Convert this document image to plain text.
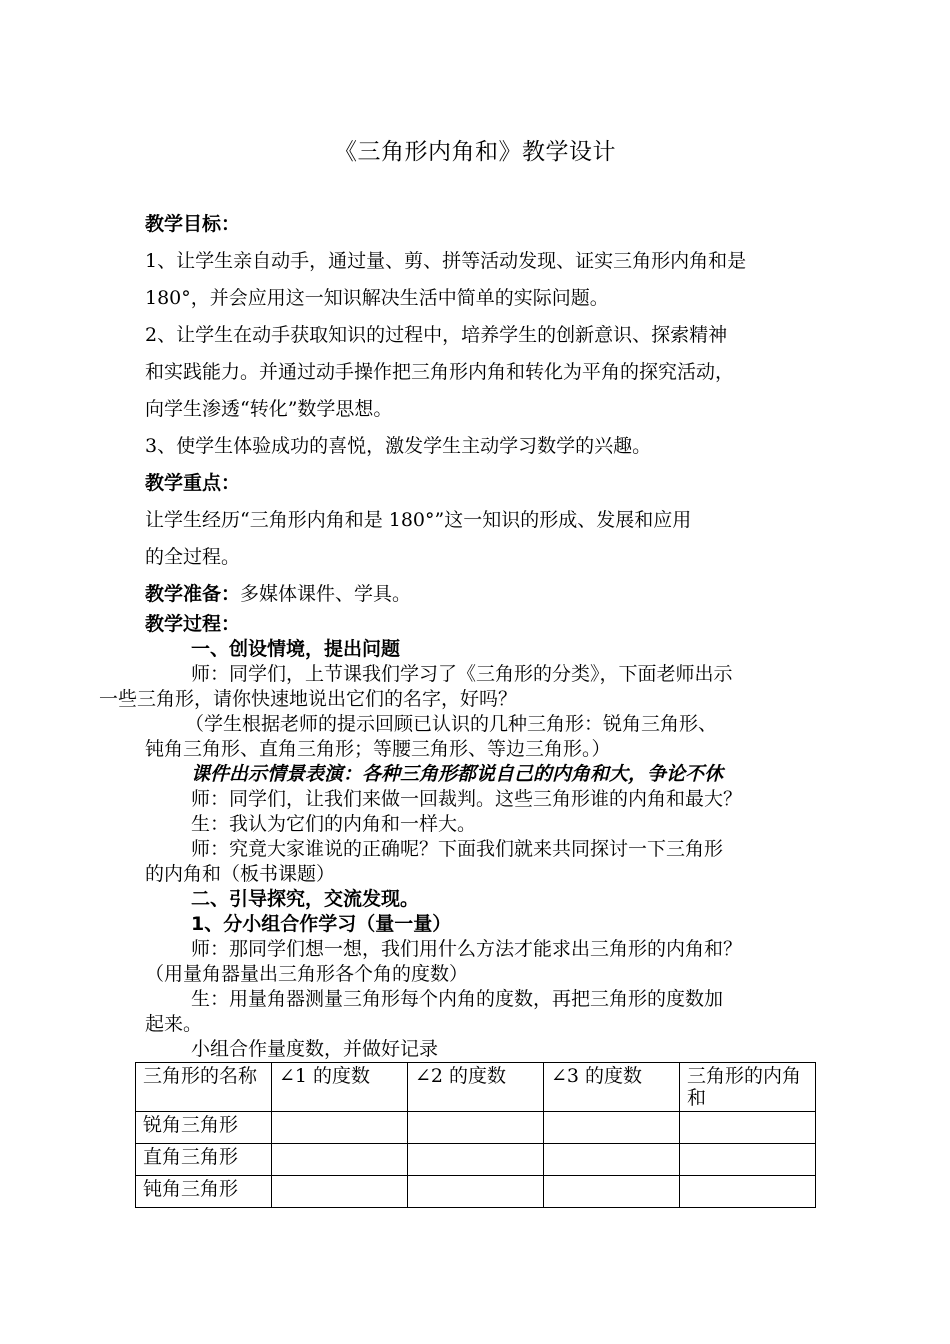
《三角形内角和》教学设计
教学目标：
1、让学生亲自动手，通过量、剪、拼等活动发现、证实三角形内角和是
180°，并会应用这一知识解决生活中简单的实际问题。
2、让学生在动手获取知识的过程中，培养学生的创新意识、探索精神
和实践能力。并通过动手操作把三角形内角和转化为平角的探究活动，
向学生渗透“转化”数学思想。
3、使学生体验成功的喜悦，激发学生主动学习数学的兴趣。
教学重点：
让学生经历“三角形内角和是 180°”这一知识的形成、发展和应用
的全过程。
教学准备：多媒体课件、学具。
教学过程：
一、创设情境，提出问题
师：同学们，上节课我们学习了《三角形的分类》，下面老师出示
一些三角形，请你快速地说出它们的名字，好吗？
（学生根据老师的提示回顾已认识的几种三角形：锐角三角形、
钝角三角形、直角三角形；等腰三角形、等边三角形。）
课件出示情景表演：各种三角形都说自己的内角和大，争论不休
师：同学们，让我们来做一回裁判。这些三角形谁的内角和最大？
生：我认为它们的内角和一样大。
师：究竟大家谁说的正确呢？下面我们就来共同探讨一下三角形
的内角和（板书课题）
二、引导探究，交流发现。
1、分小组合作学习（量一量）
师：那同学们想一想，我们用什么方法才能求出三角形的内角和？
（用量角器量出三角形各个角的度数）
生：用量角器测量三角形每个内角的度数，再把三角形的度数加
起来。
小组合作量度数，并做好记录
三角形的名称	∠1 的度数	∠2 的度数	∠3 的度数	三角形的内角和
锐角三角形				
直角三角形				
钝角三角形				
